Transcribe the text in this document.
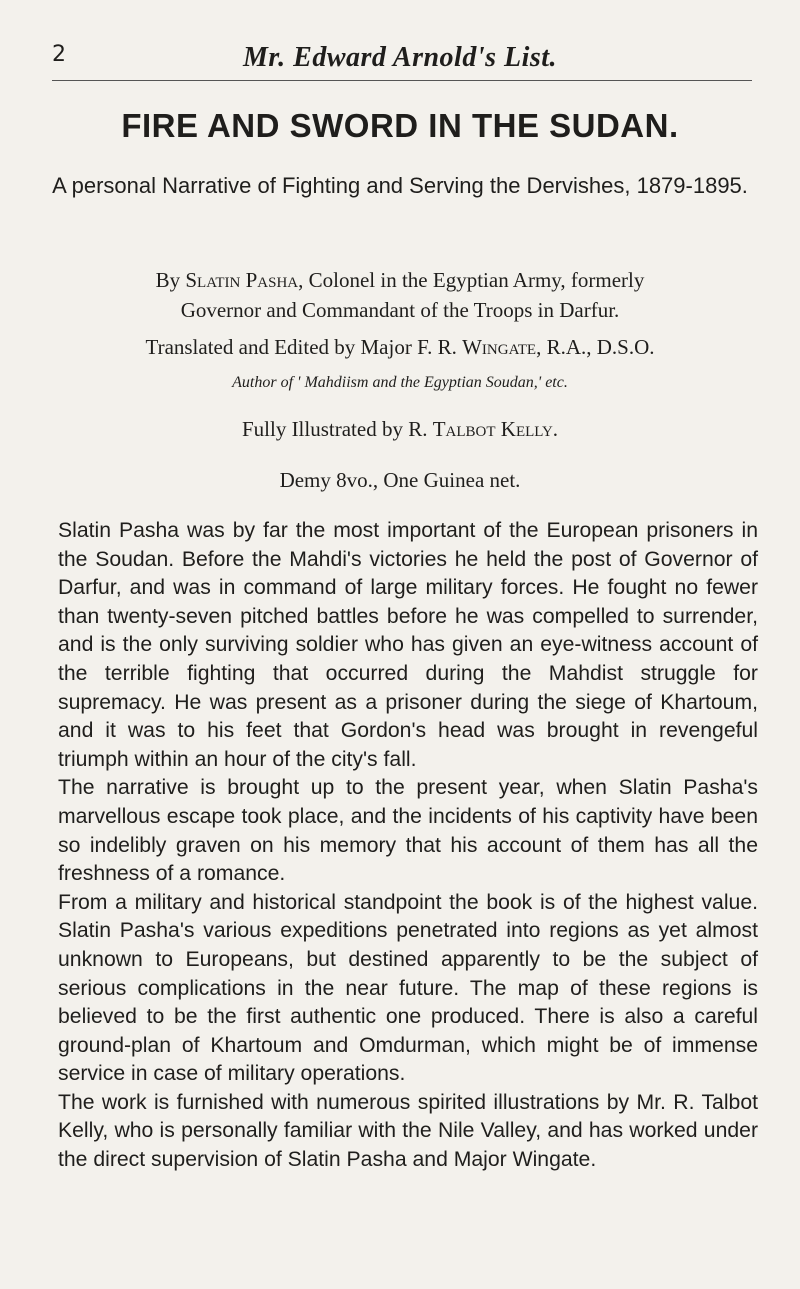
2	Mr. Edward Arnold's List.
FIRE AND SWORD IN THE SUDAN.
A personal Narrative of Fighting and Serving the Dervishes, 1879-1895.
By Slatin Pasha, Colonel in the Egyptian Army, formerly
Governor and Commandant of the Troops in Darfur.
Translated and Edited by Major F. R. Wingate, R.A., D.S.O.
Author of ' Mahdiism and the Egyptian Soudan,' etc.
Fully Illustrated by R. Talbot Kelly.
Demy 8vo., One Guinea net.

Slatin Pasha was by far the most important of the European prisoners in the Soudan. Before the Mahdi's victories he held the post of Governor of Darfur, and was in command of large military forces. He fought no fewer than twenty-seven pitched battles before he was compelled to surrender, and is the only surviving soldier who has given an eye-witness account of the terrible fighting that occurred during the Mahdist struggle for supremacy. He was present as a prisoner during the siege of Khartoum, and it was to his feet that Gordon's head was brought in revengeful triumph within an hour of the city's fall.

The narrative is brought up to the present year, when Slatin Pasha's marvellous escape took place, and the incidents of his captivity have been so indelibly graven on his memory that his account of them has all the freshness of a romance.

From a military and historical standpoint the book is of the highest value. Slatin Pasha's various expeditions penetrated into regions as yet almost unknown to Europeans, but destined apparently to be the subject of serious complications in the near future. The map of these regions is believed to be the first authentic one produced. There is also a careful ground-plan of Khartoum and Omdurman, which might be of immense service in case of military operations.

The work is furnished with numerous spirited illustrations by Mr. R. Talbot Kelly, who is personally familiar with the Nile Valley, and has worked under the direct supervision of Slatin Pasha and Major Wingate.
